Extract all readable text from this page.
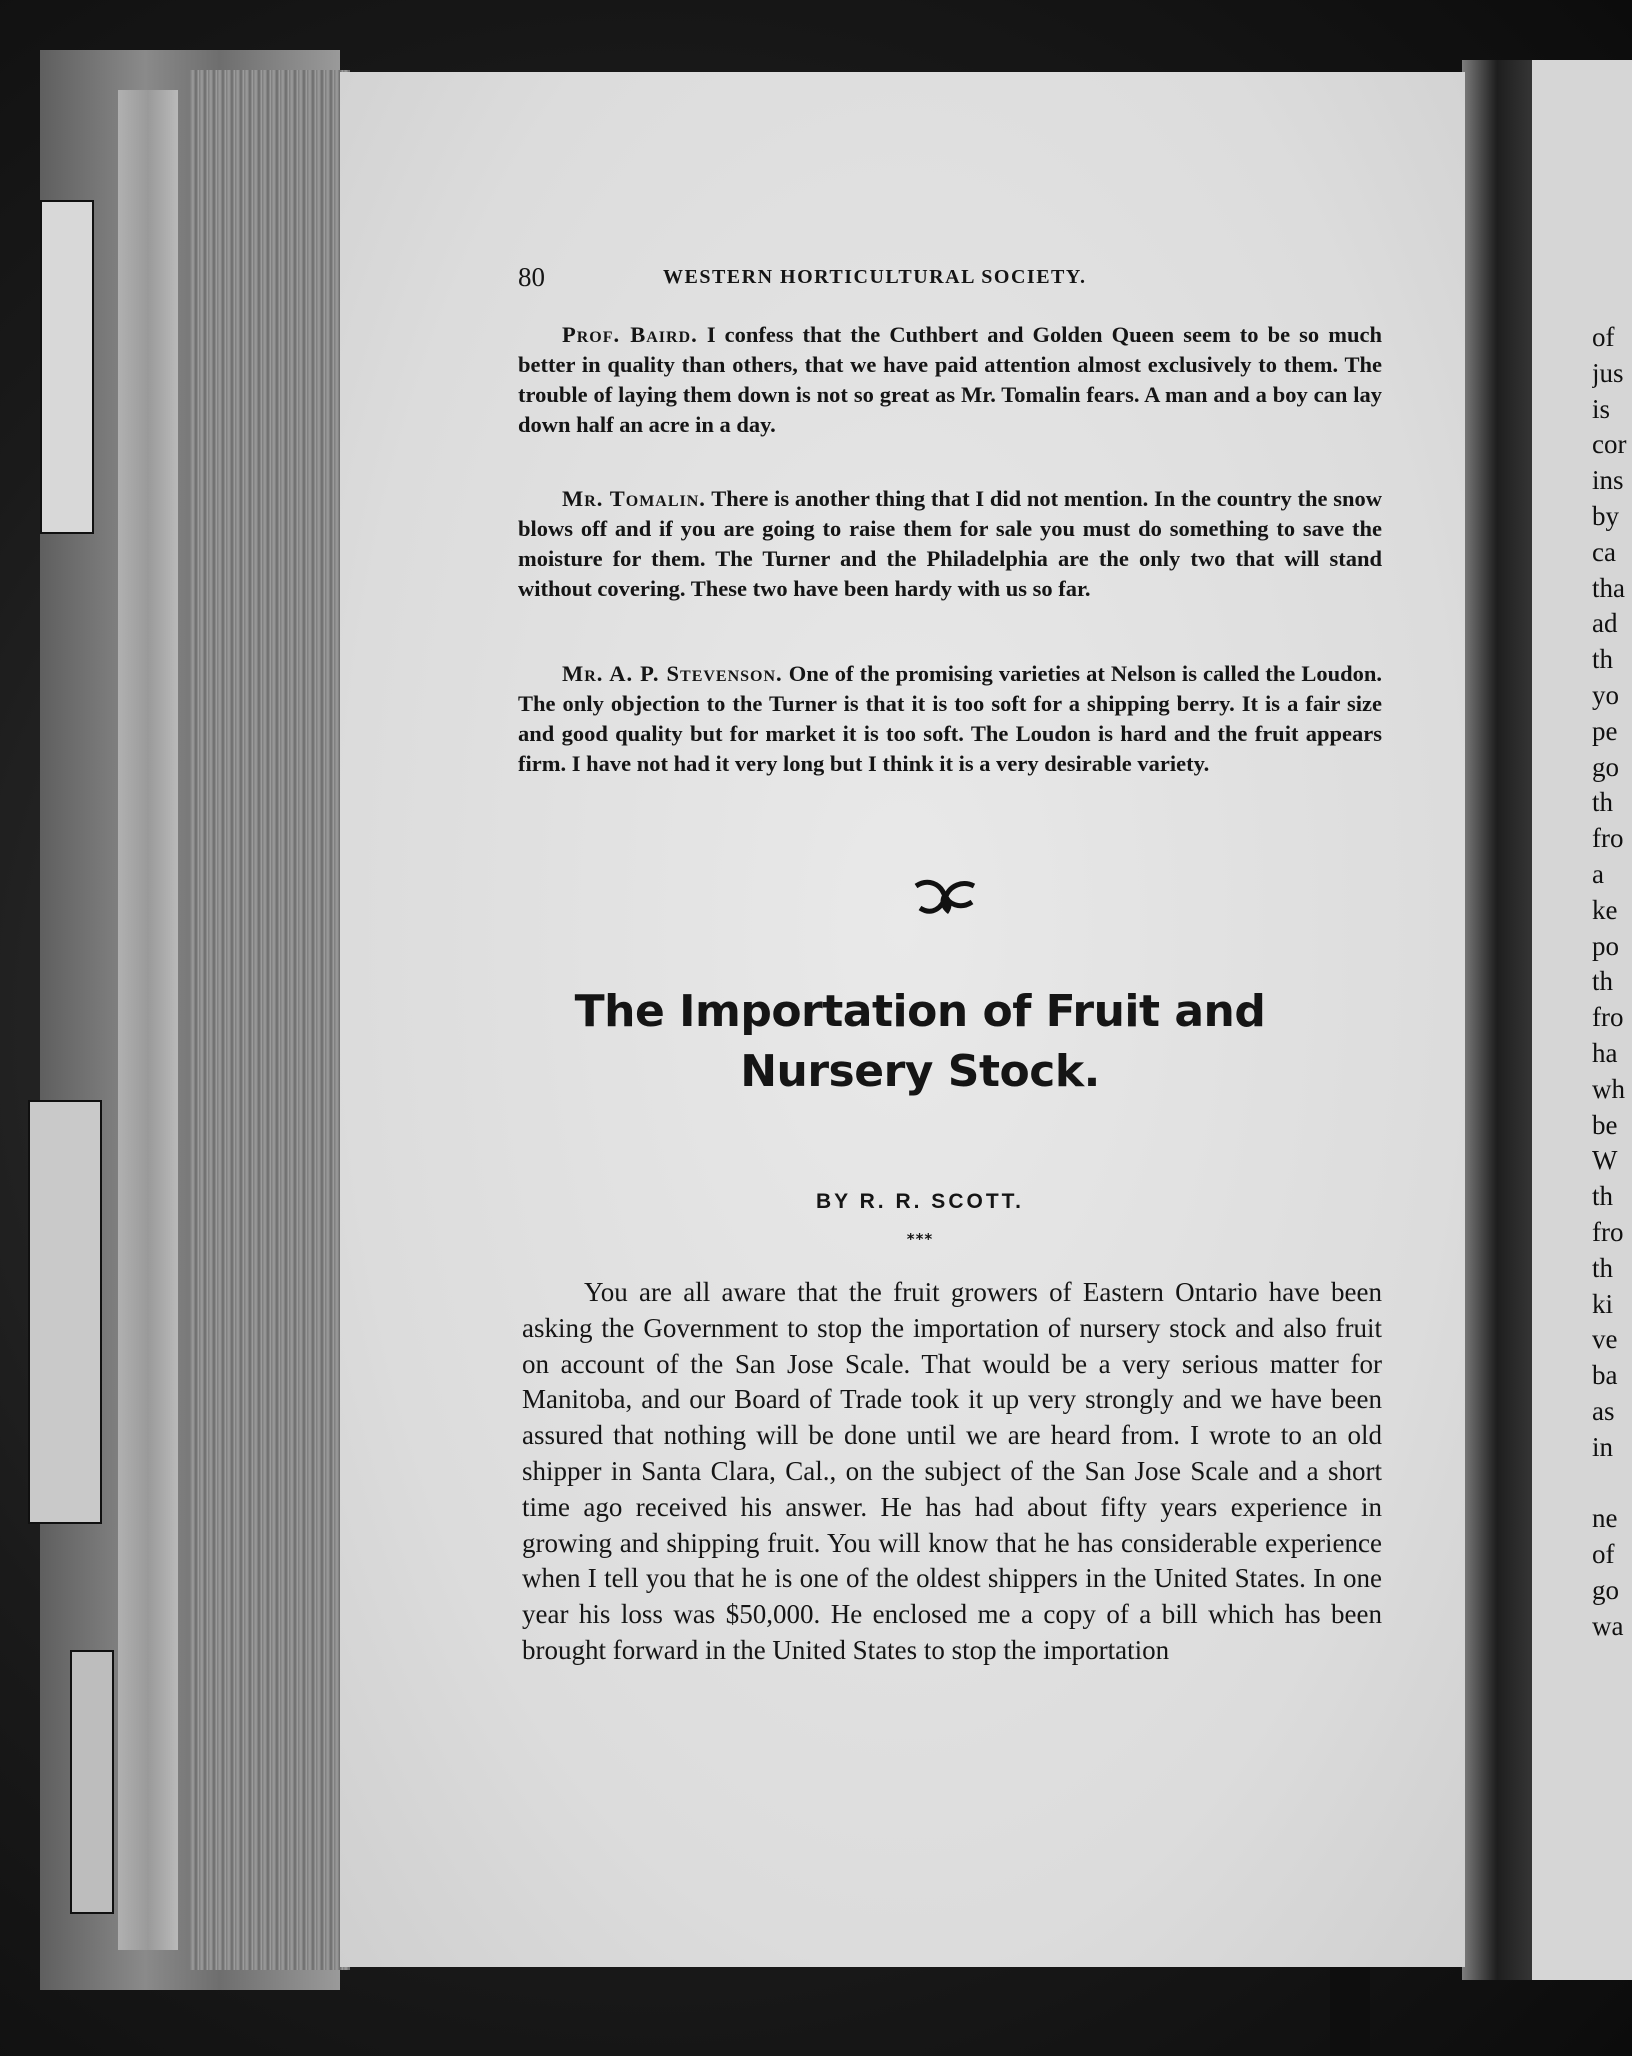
80	WESTERN HORTICULTURAL SOCIETY.

Prof. Baird. I confess that the Cuthbert and Golden Queen seem to be so much better in quality than others, that we have paid attention almost exclusively to them. The trouble of laying them down is not so great as Mr. Tomalin fears. A man and a boy can lay down half an acre in a day.

Mr. Tomalin. There is another thing that I did not mention. In the country the snow blows off and if you are going to raise them for sale you must do something to save the moisture for them. The Turner and the Philadelphia are the only two that will stand without covering. These two have been hardy with us so far.

Mr. A. P. Stevenson. One of the promising varieties at Nelson is called the Loudon. The only objection to the Turner is that it is too soft for a shipping berry. It is a fair size and good quality but for market it is too soft. The Loudon is hard and the fruit appears firm. I have not had it very long but I think it is a very desirable variety.

The Importation of Fruit and Nursery Stock.
BY R. R. SCOTT.
***

You are all aware that the fruit growers of Eastern Ontario have been asking the Government to stop the importation of nursery stock and also fruit on account of the San Jose Scale. That would be a very serious matter for Manitoba, and our Board of Trade took it up very strongly and we have been assured that nothing will be done until we are heard from. I wrote to an old shipper in Santa Clara, Cal., on the subject of the San Jose Scale and a short time ago received his answer. He has had about fifty years experience in growing and shipping fruit. You will know that he has considerable experience when I tell you that he is one of the oldest shippers in the United States. In one year his loss was $50,000. He enclosed me a copy of a bill which has been brought forward in the United States to stop the importation

of
jus
is
cor
ins
by
ca
tha
ad
th
yo
pe
go
th
fro
a
ke
po
th
fro
ha
wh
be
W
th
fro
th
ki
ve
ba
as
in
ne
of
go
wa
